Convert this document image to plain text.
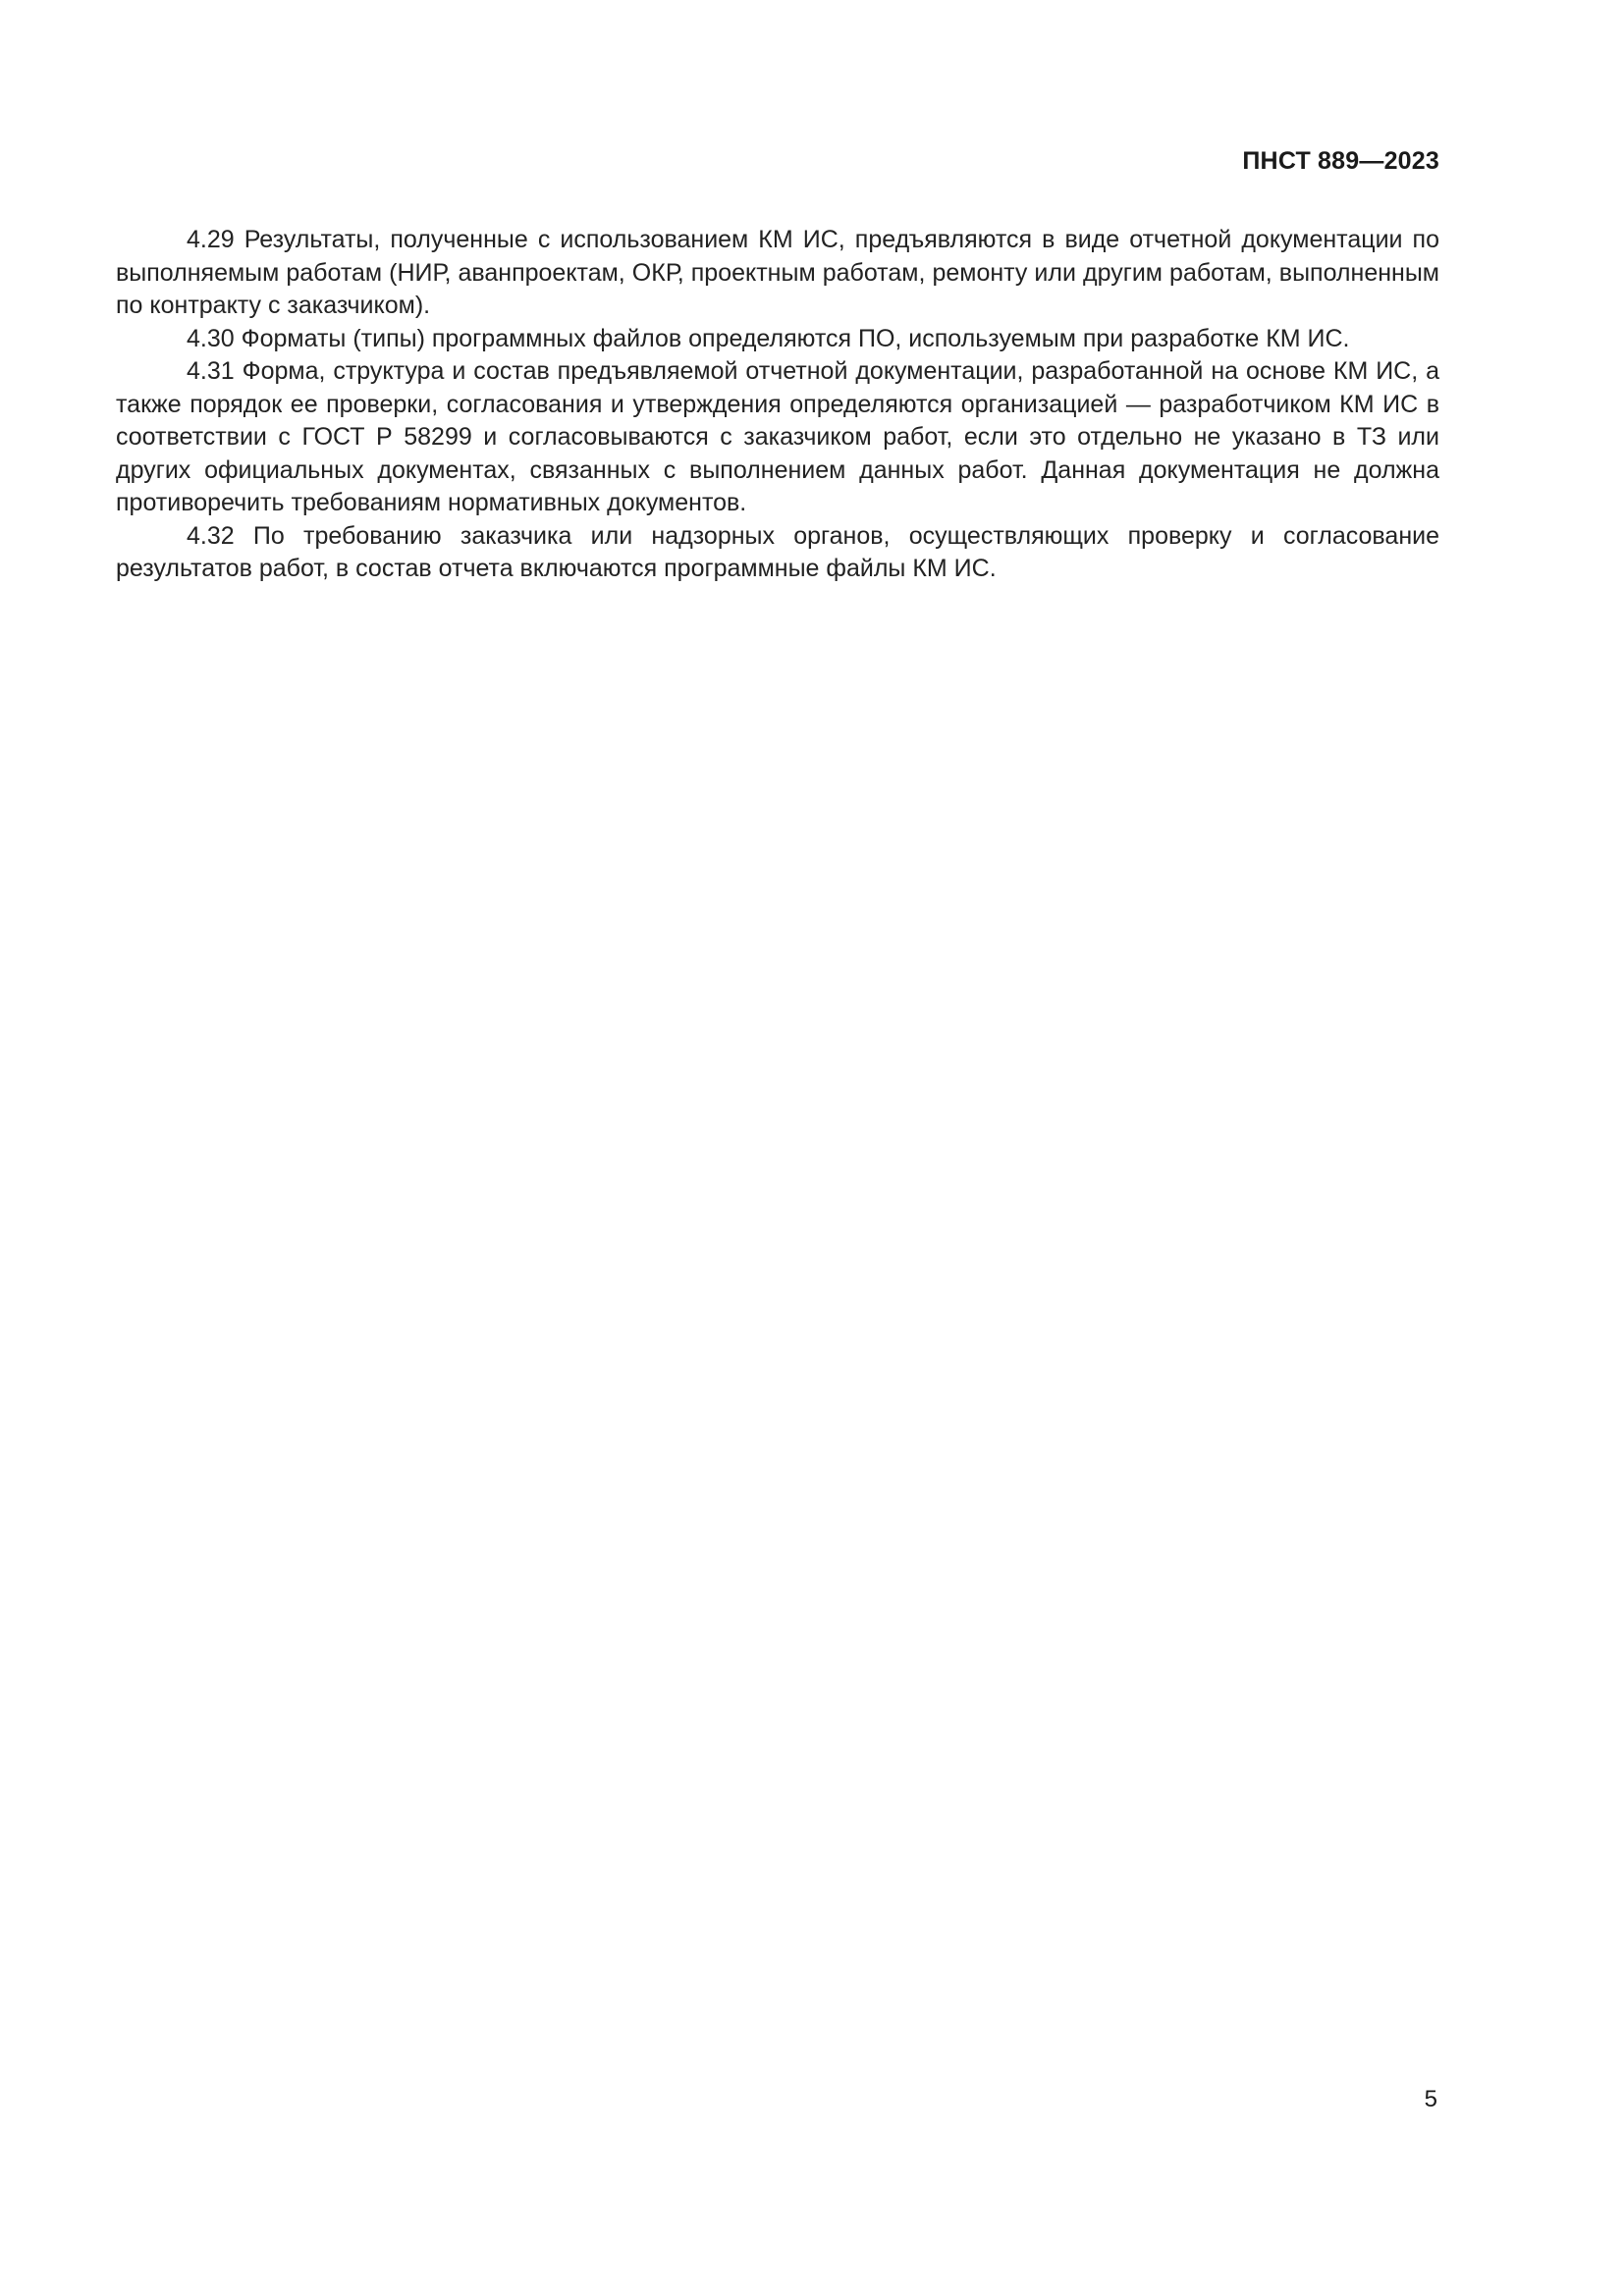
ПНСТ 889—2023

4.29 Результаты, полученные с использованием КМ ИС, предъявляются в виде отчетной документации по выполняемым работам (НИР, аванпроектам, ОКР, проектным работам, ремонту или другим работам, выполненным по контракту с заказчиком).

4.30 Форматы (типы) программных файлов определяются ПО, используемым при разработке КМ ИС.

4.31 Форма, структура и состав предъявляемой отчетной документации, разработанной на основе КМ ИС, а также порядок ее проверки, согласования и утверждения определяются организацией — разработчиком КМ ИС в соответствии с ГОСТ Р 58299 и согласовываются с заказчиком работ, если это отдельно не указано в ТЗ или других официальных документах, связанных с выполнением данных работ. Данная документация не должна противоречить требованиям нормативных документов.

4.32 По требованию заказчика или надзорных органов, осуществляющих проверку и согласование результатов работ, в состав отчета включаются программные файлы КМ ИС.

5
